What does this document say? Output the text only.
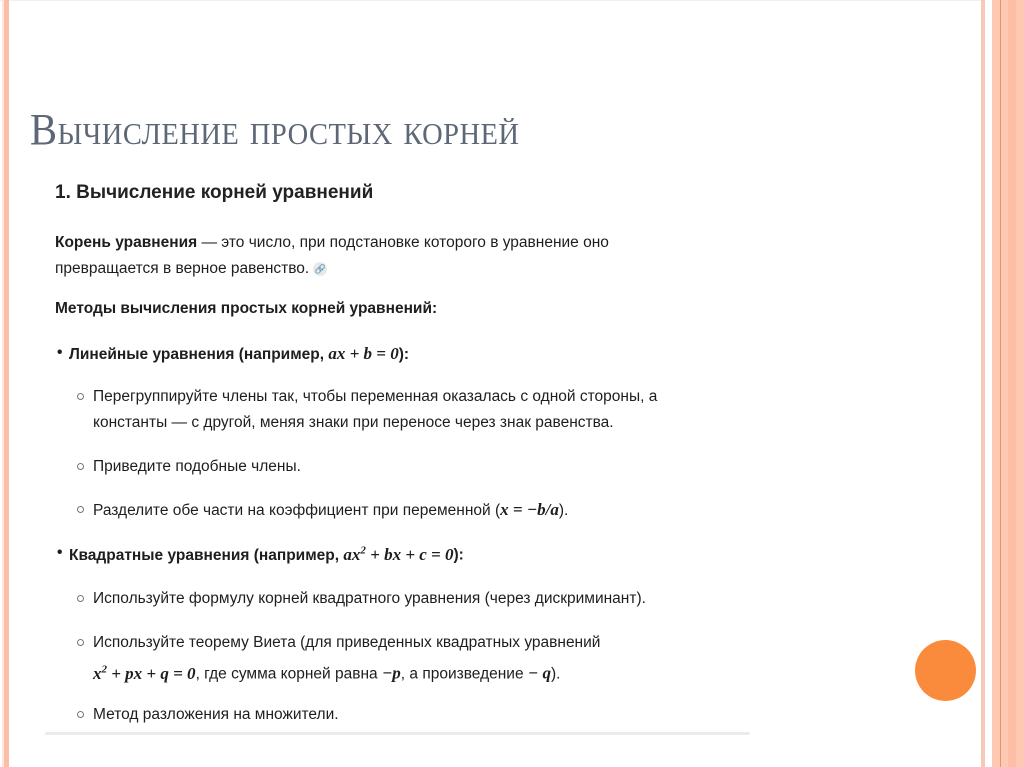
Вычисление простых корней
1. Вычисление корней уравнений
Корень уравнения — это число, при подстановке которого в уравнение оно
превращается в верное равенство. 🔗
Методы вычисления простых корней уравнений:
• Линейные уравнения (например, ax + b = 0):
Перегруппируйте члены так, чтобы переменная оказалась с одной стороны, а
константы — с другой, меняя знаки при переносе через знак равенства.
Приведите подобные члены.
Разделите обе части на коэффициент при переменной (x = −b/a).
• Квадратные уравнения (например, $ax^2$ + bx + c = 0):
Используйте формулу корней квадратного уравнения (через дискриминант).
Используйте теорему Виета (для приведенных квадратных уравнений
$x^2$ + px + q = 0, где сумма корней равна −p, а произведение − q).
Метод разложения на множители.
